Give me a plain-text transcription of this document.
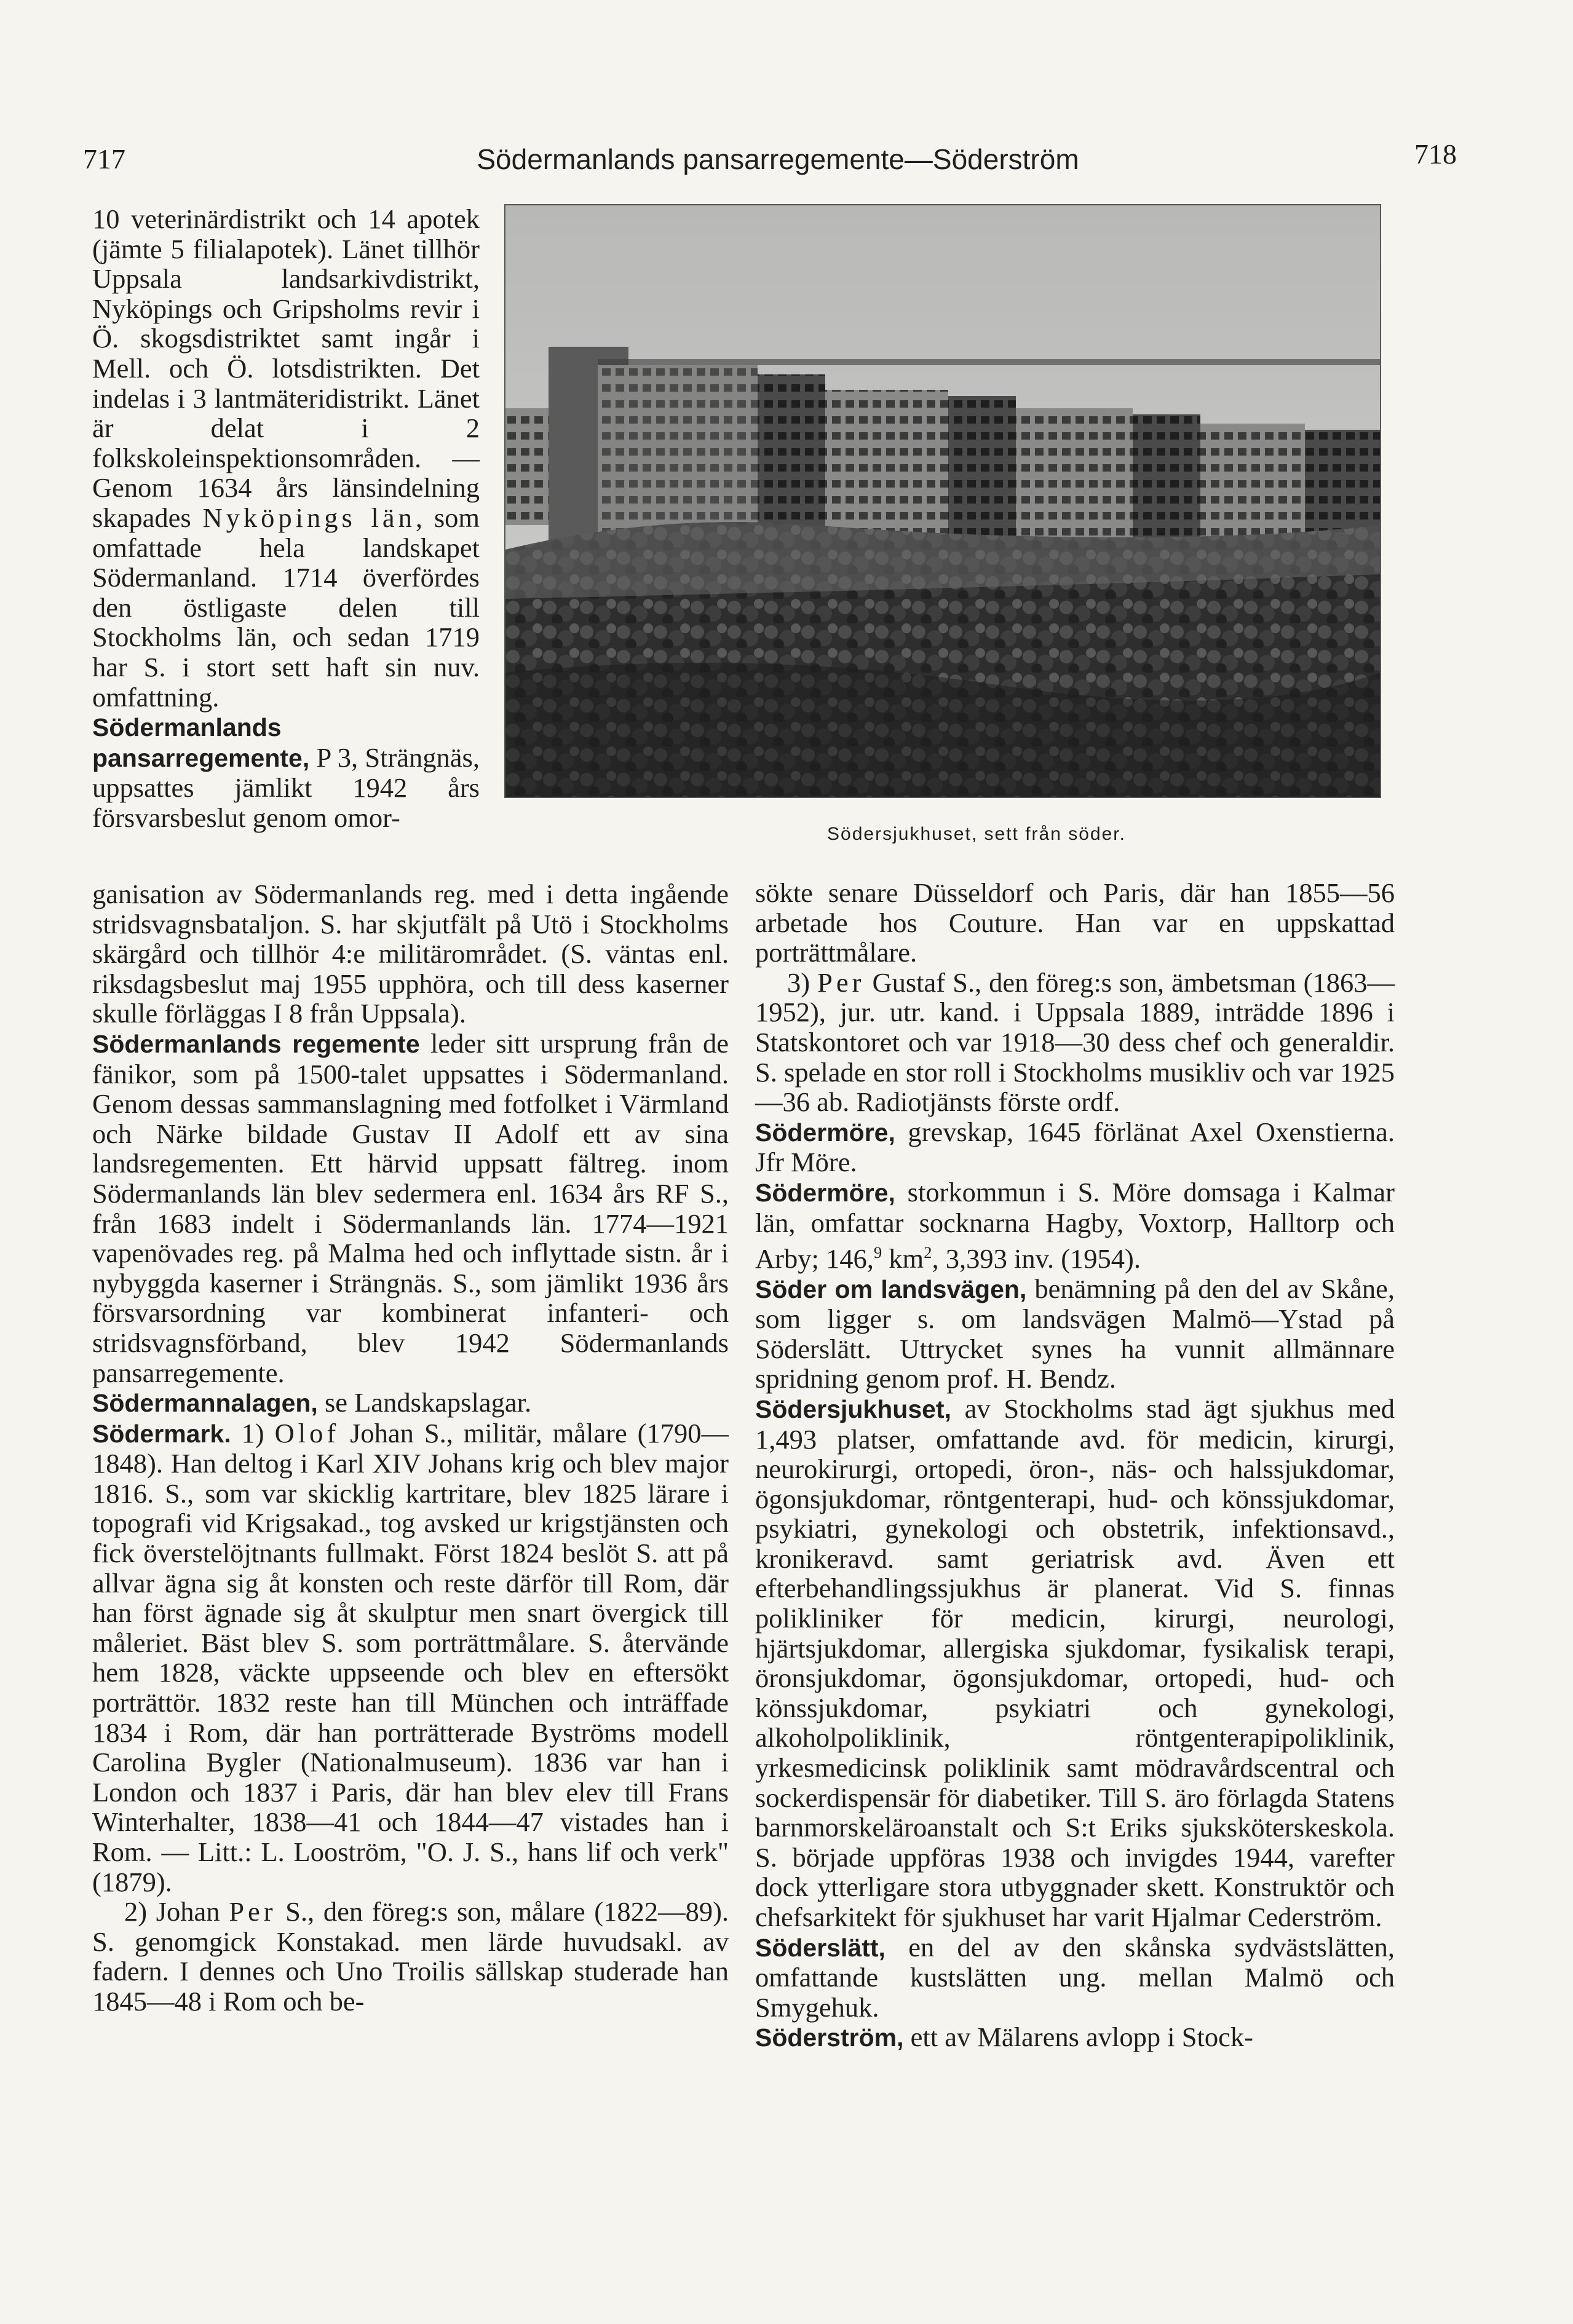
717	Södermanlands pansarregemente—Söderström	718
Södersjukhuset, sett från söder.

10 veterinärdistrikt och 14 apotek (jämte 5 filialapotek). Länet tillhör Uppsala landsarkivdistrikt, Nyköpings och Gripsholms revir i Ö. skogsdistriktet samt ingår i Mell. och Ö. lotsdistrikten. Det indelas i 3 lantmäteridistrikt. Länet är delat i 2 folkskoleinspektionsområden. — Genom 1634 års länsindelning skapades Nyköpings län, som omfattade hela landskapet Södermanland. 1714 överfördes den östligaste delen till Stockholms län, och sedan 1719 har S. i stort sett haft sin nuv. omfattning.

Södermanlands pansarregemente, P 3, Strängnäs, uppsattes jämlikt 1942 års försvarsbeslut genom omor-

ganisation av Södermanlands reg. med i detta ingående stridsvagnsbataljon. S. har skjutfält på Utö i Stockholms skärgård och tillhör 4:e militärområdet. (S. väntas enl. riksdagsbeslut maj 1955 upphöra, och till dess kaserner skulle förläggas I 8 från Uppsala).

Södermanlands regemente leder sitt ursprung från de fänikor, som på 1500-talet uppsattes i Södermanland. Genom dessas sammanslagning med fotfolket i Värmland och Närke bildade Gustav II Adolf ett av sina landsregementen. Ett härvid uppsatt fältreg. inom Södermanlands län blev sedermera enl. 1634 års RF S., från 1683 indelt i Södermanlands län. 1774—1921 vapenövades reg. på Malma hed och inflyttade sistn. år i nybyggda kaserner i Strängnäs. S., som jämlikt 1936 års försvarsordning var kombinerat infanteri- och stridsvagnsförband, blev 1942 Södermanlands pansarregemente.

Södermannalagen, se Landskapslagar.

Södermark. 1) Olof Johan S., militär, målare (1790—1848). Han deltog i Karl XIV Johans krig och blev major 1816. S., som var skicklig kartritare, blev 1825 lärare i topografi vid Krigsakad., tog avsked ur krigstjänsten och fick överstelöjtnants fullmakt. Först 1824 beslöt S. att på allvar ägna sig åt konsten och reste därför till Rom, där han först ägnade sig åt skulptur men snart övergick till måleriet. Bäst blev S. som porträttmålare. S. återvände hem 1828, väckte uppseende och blev en eftersökt porträttör. 1832 reste han till München och inträffade 1834 i Rom, där han porträtterade Byströms modell Carolina Bygler (Nationalmuseum). 1836 var han i London och 1837 i Paris, där han blev elev till Frans Winterhalter, 1838—41 och 1844—47 vistades han i Rom. — Litt.: L. Looström, "O. J. S., hans lif och verk" (1879).

2) Johan Per S., den föreg:s son, målare (1822—89). S. genomgick Konstakad. men lärde huvudsakl. av fadern. I dennes och Uno Troilis sällskap studerade han 1845—48 i Rom och be-

sökte senare Düsseldorf och Paris, där han 1855—56 arbetade hos Couture. Han var en uppskattad porträttmålare.

3) Per Gustaf S., den föreg:s son, ämbetsman (1863—1952), jur. utr. kand. i Uppsala 1889, inträdde 1896 i Statskontoret och var 1918—30 dess chef och generaldir. S. spelade en stor roll i Stockholms musikliv och var 1925—36 ab. Radiotjänsts förste ordf.

Södermöre, grevskap, 1645 förlänat Axel Oxenstierna. Jfr Möre.

Södermöre, storkommun i S. Möre domsaga i Kalmar län, omfattar socknarna Hagby, Voxtorp, Halltorp och Arby; 146,$^9$ $km^2$, 3,393 inv. (1954).

Söder om landsvägen, benämning på den del av Skåne, som ligger s. om landsvägen Malmö—Ystad på Söderslätt. Uttrycket synes ha vunnit allmännare spridning genom prof. H. Bendz.

Södersjukhuset, av Stockholms stad ägt sjukhus med 1,493 platser, omfattande avd. för medicin, kirurgi, neurokirurgi, ortopedi, öron-, näs- och halssjukdomar, ögonsjukdomar, röntgenterapi, hud- och könssjukdomar, psykiatri, gynekologi och obstetrik, infektionsavd., kronikeravd. samt geriatrisk avd. Även ett efterbehandlingssjukhus är planerat. Vid S. finnas polikliniker för medicin, kirurgi, neurologi, hjärtsjukdomar, allergiska sjukdomar, fysikalisk terapi, öronsjukdomar, ögonsjukdomar, ortopedi, hud- och könssjukdomar, psykiatri och gynekologi, alkoholpoliklinik, röntgenterapipoliklinik, yrkesmedicinsk poliklinik samt mödravårdscentral och sockerdispensär för diabetiker. Till S. äro förlagda Statens barnmorskeläroanstalt och S:t Eriks sjuksköterskeskola. S. började uppföras 1938 och invigdes 1944, varefter dock ytterligare stora utbyggnader skett. Konstruktör och chefsarkitekt för sjukhuset har varit Hjalmar Cederström.

Söderslätt, en del av den skånska sydvästslätten, omfattande kustslätten ung. mellan Malmö och Smygehuk.

Söderström, ett av Mälarens avlopp i Stock-
